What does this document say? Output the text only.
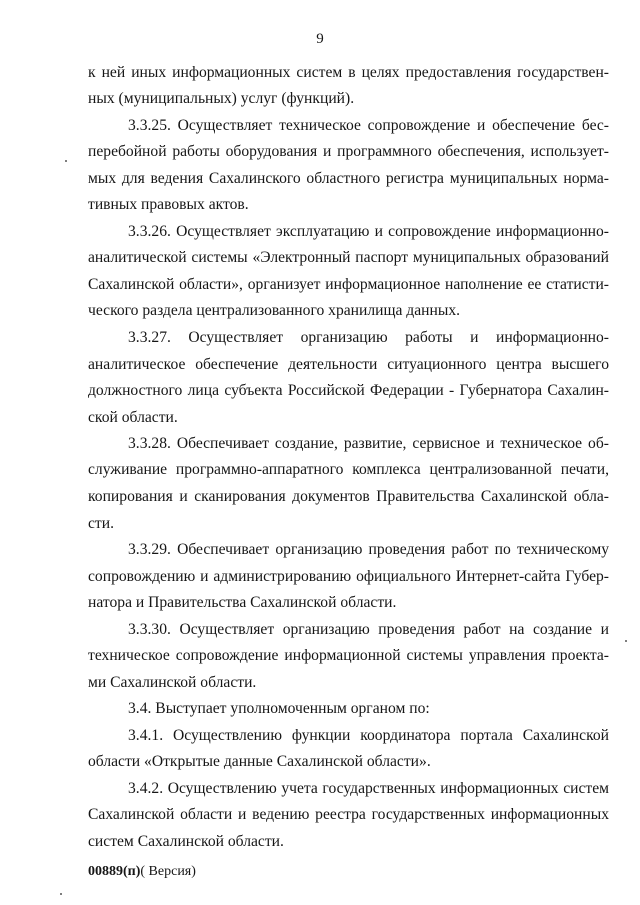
9

к ней иных информационных систем в целях предоставления государствен-

ных (муниципальных) услуг (функций).

3.3.25. Осуществляет техническое сопровождение и обеспечение бес-

перебойной работы оборудования и программного обеспечения, использует-

мых для ведения Сахалинского областного регистра муниципальных норма-

тивных правовых актов.

3.3.26. Осуществляет эксплуатацию и сопровождение информационно-

аналитической системы «Электронный паспорт муниципальных образований

Сахалинской области», организует информационное наполнение ее статисти-

ческого раздела централизованного хранилища данных.

3.3.27. Осуществляет организацию работы и информационно-

аналитическое обеспечение деятельности ситуационного центра высшего

должностного лица субъекта Российской Федерации - Губернатора Сахалин-

ской области.

3.3.28. Обеспечивает создание, развитие, сервисное и техническое об-

служивание программно-аппаратного комплекса централизованной печати,

копирования и сканирования документов Правительства Сахалинской обла-

сти.

3.3.29. Обеспечивает организацию проведения работ по техническому

сопровождению и администрированию официального Интернет-сайта Губер-

натора и Правительства Сахалинской области.

3.3.30. Осуществляет организацию проведения работ на создание и

техническое сопровождение информационной системы управления проекта-

ми Сахалинской области.

3.4. Выступает уполномоченным органом по:

3.4.1. Осуществлению функции координатора портала Сахалинской

области «Открытые данные Сахалинской области».

3.4.2. Осуществлению учета государственных информационных систем

Сахалинской области и ведению реестра государственных информационных

систем Сахалинской области.

00889(п)( Версия)
